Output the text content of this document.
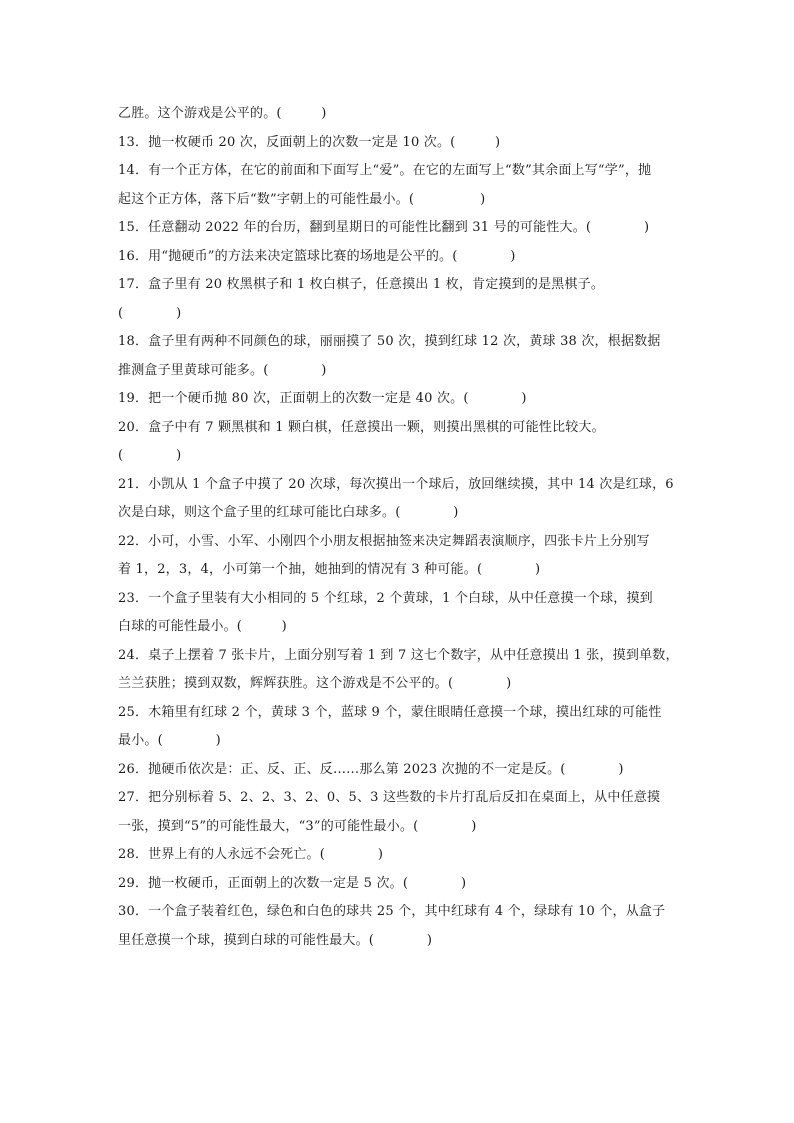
乙胜。这个游戏是公平的。(　　　)
13．抛一枚硬币 20 次，反面朝上的次数一定是 10 次。(　　　)
14．有一个正方体，在它的前面和下面写上“爱”。在它的左面写上“数”其余面上写“学”，抛
起这个正方体，落下后“数”字朝上的可能性最小。(　　　　　)
15．任意翻动 2022 年的台历，翻到星期日的可能性比翻到 31 号的可能性大。(　　　　)
16．用“抛硬币”的方法来决定篮球比赛的场地是公平的。(　　　　)
17．盒子里有 20 枚黑棋子和 1 枚白棋子，任意摸出 1 枚，肯定摸到的是黑棋子。
(　　　　)
18．盒子里有两种不同颜色的球，丽丽摸了 50 次，摸到红球 12 次，黄球 38 次，根据数据
推测盒子里黄球可能多。(　　　　)
19．把一个硬币抛 80 次，正面朝上的次数一定是 40 次。(　　　　)
20．盒子中有 7 颗黑棋和 1 颗白棋，任意摸出一颗，则摸出黑棋的可能性比较大。
(　　　　)
21．小凯从 1 个盒子中摸了 20 次球，每次摸出一个球后，放回继续摸，其中 14 次是红球，6
次是白球，则这个盒子里的红球可能比白球多。(　　　　)
22．小可，小雪、小军、小刚四个小朋友根据抽签来决定舞蹈表演顺序，四张卡片上分别写
着 1，2，3，4，小可第一个抽，她抽到的情况有 3 种可能。(　　　　)
23．一个盒子里装有大小相同的 5 个红球，2 个黄球，1 个白球，从中任意摸一个球，摸到
白球的可能性最小。(　　　)
24．桌子上摆着 7 张卡片，上面分别写着 1 到 7 这七个数字，从中任意摸出 1 张，摸到单数，
兰兰获胜；摸到双数，辉辉获胜。这个游戏是不公平的。(　　　　)
25．木箱里有红球 2 个，黄球 3 个，蓝球 9 个，蒙住眼睛任意摸一个球，摸出红球的可能性
最小。(　　　　)
26．抛硬币依次是：正、反、正、反……那么第 2023 次抛的不一定是反。(　　　　)
27．把分别标着 5、2、2、3、2、0、5、3 这些数的卡片打乱后反扣在桌面上，从中任意摸
一张，摸到“5”的可能性最大，“3”的可能性最小。(　　　　)
28．世界上有的人永远不会死亡。(　　　　)
29．抛一枚硬币，正面朝上的次数一定是 5 次。(　　　　)
30．一个盒子装着红色，绿色和白色的球共 25 个，其中红球有 4 个，绿球有 10 个，从盒子
里任意摸一个球，摸到白球的可能性最大。(　　　　)
